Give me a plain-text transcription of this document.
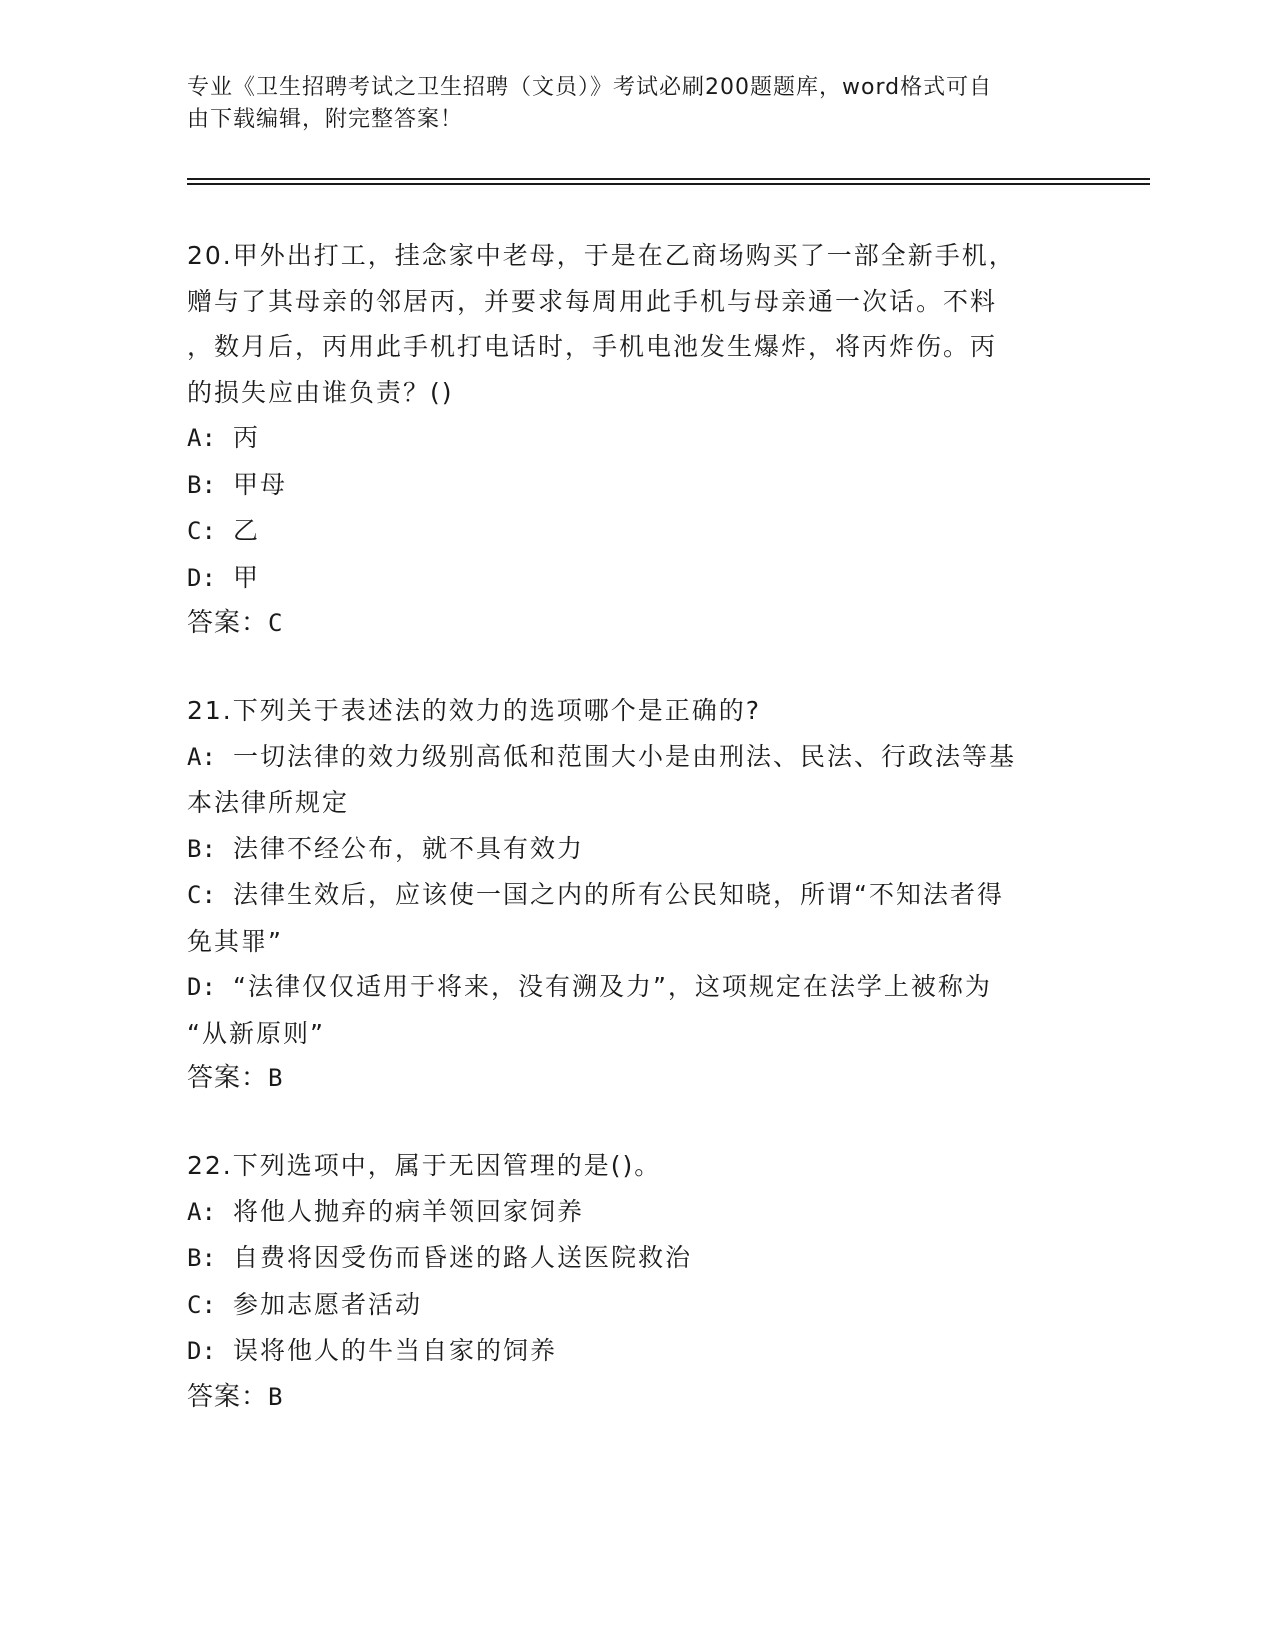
专业《卫生招聘考试之卫生招聘（文员）》考试必刷200题题库，word格式可自
由下载编辑，附完整答案！

20.甲外出打工，挂念家中老母，于是在乙商场购买了一部全新手机，

赠与了其母亲的邻居丙，并要求每周用此手机与母亲通一次话。不料

，数月后，丙用此手机打电话时，手机电池发生爆炸，将丙炸伤。丙

的损失应由谁负责？()

A: 丙

B: 甲母

C: 乙

D: 甲

答案：C

21.下列关于表述法的效力的选项哪个是正确的?

A: 一切法律的效力级别高低和范围大小是由刑法、民法、行政法等基

本法律所规定

B: 法律不经公布，就不具有效力

C: 法律生效后，应该使一国之内的所有公民知晓，所谓“不知法者得

免其罪”

D: “法律仅仅适用于将来，没有溯及力”，这项规定在法学上被称为

“从新原则”

答案：B

22.下列选项中，属于无因管理的是()。

A: 将他人抛弃的病羊领回家饲养

B: 自费将因受伤而昏迷的路人送医院救治

C: 参加志愿者活动

D: 误将他人的牛当自家的饲养

答案：B
